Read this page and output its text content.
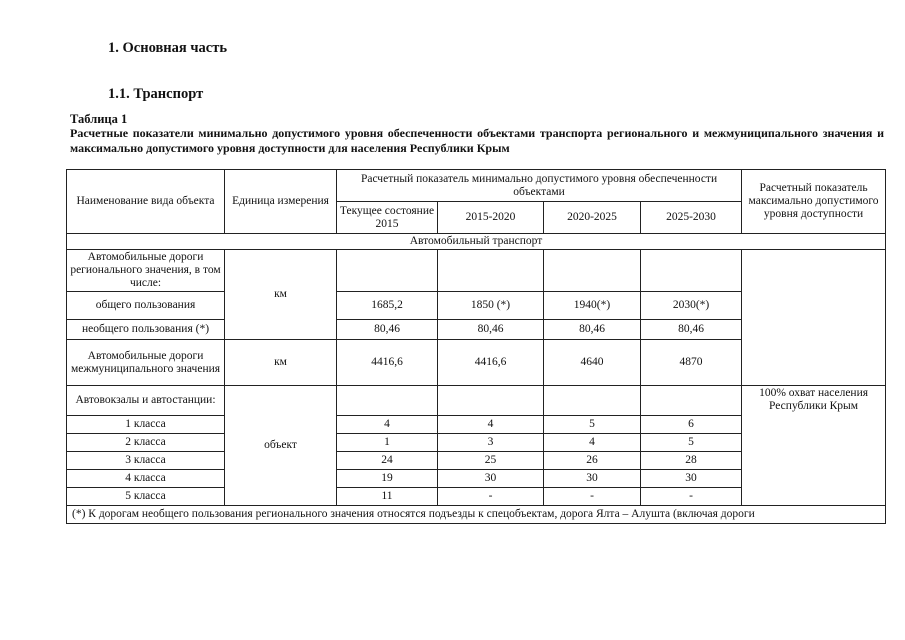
1. Основная часть
1.1. Транспорт
Таблица 1
Расчетные показатели минимально допустимого уровня обеспеченности объектами транспорта регионального и межмуниципального значения и максимально допустимого уровня доступности для населения Республики Крым
Наименование вида объекта	Единица измерения	Расчетный показатель минимально допустимого уровня обеспеченности объектами				Расчетный показатель максимально допустимого уровня доступности
		Текущее состояние 2015	2015-2020	2020-2025	2025-2030	
Автомобильный транспорт						
Автомобильные дороги регионального значения, в том числе:	км					
общего пользования		1685,2	1850 (*)	1940(*)	2030(*)	
необщего пользования (*)		80,46	80,46	80,46	80,46	
Автомобильные дороги межмуниципального значения	км	4416,6	4416,6	4640	4870	
Автовокзалы и автостанции:	объект					100% охват населения Республики Крым
1 класса		4	4	5	6	
2 класса		1	3	4	5	
3 класса		24	25	26	28	
4 класса		19	30	30	30	
5 класса		11	-	-	-	
(*) К дорогам необщего пользования регионального значения относятся подъезды к спецобъектам, дорога Ялта – Алушта (включая дороги						
